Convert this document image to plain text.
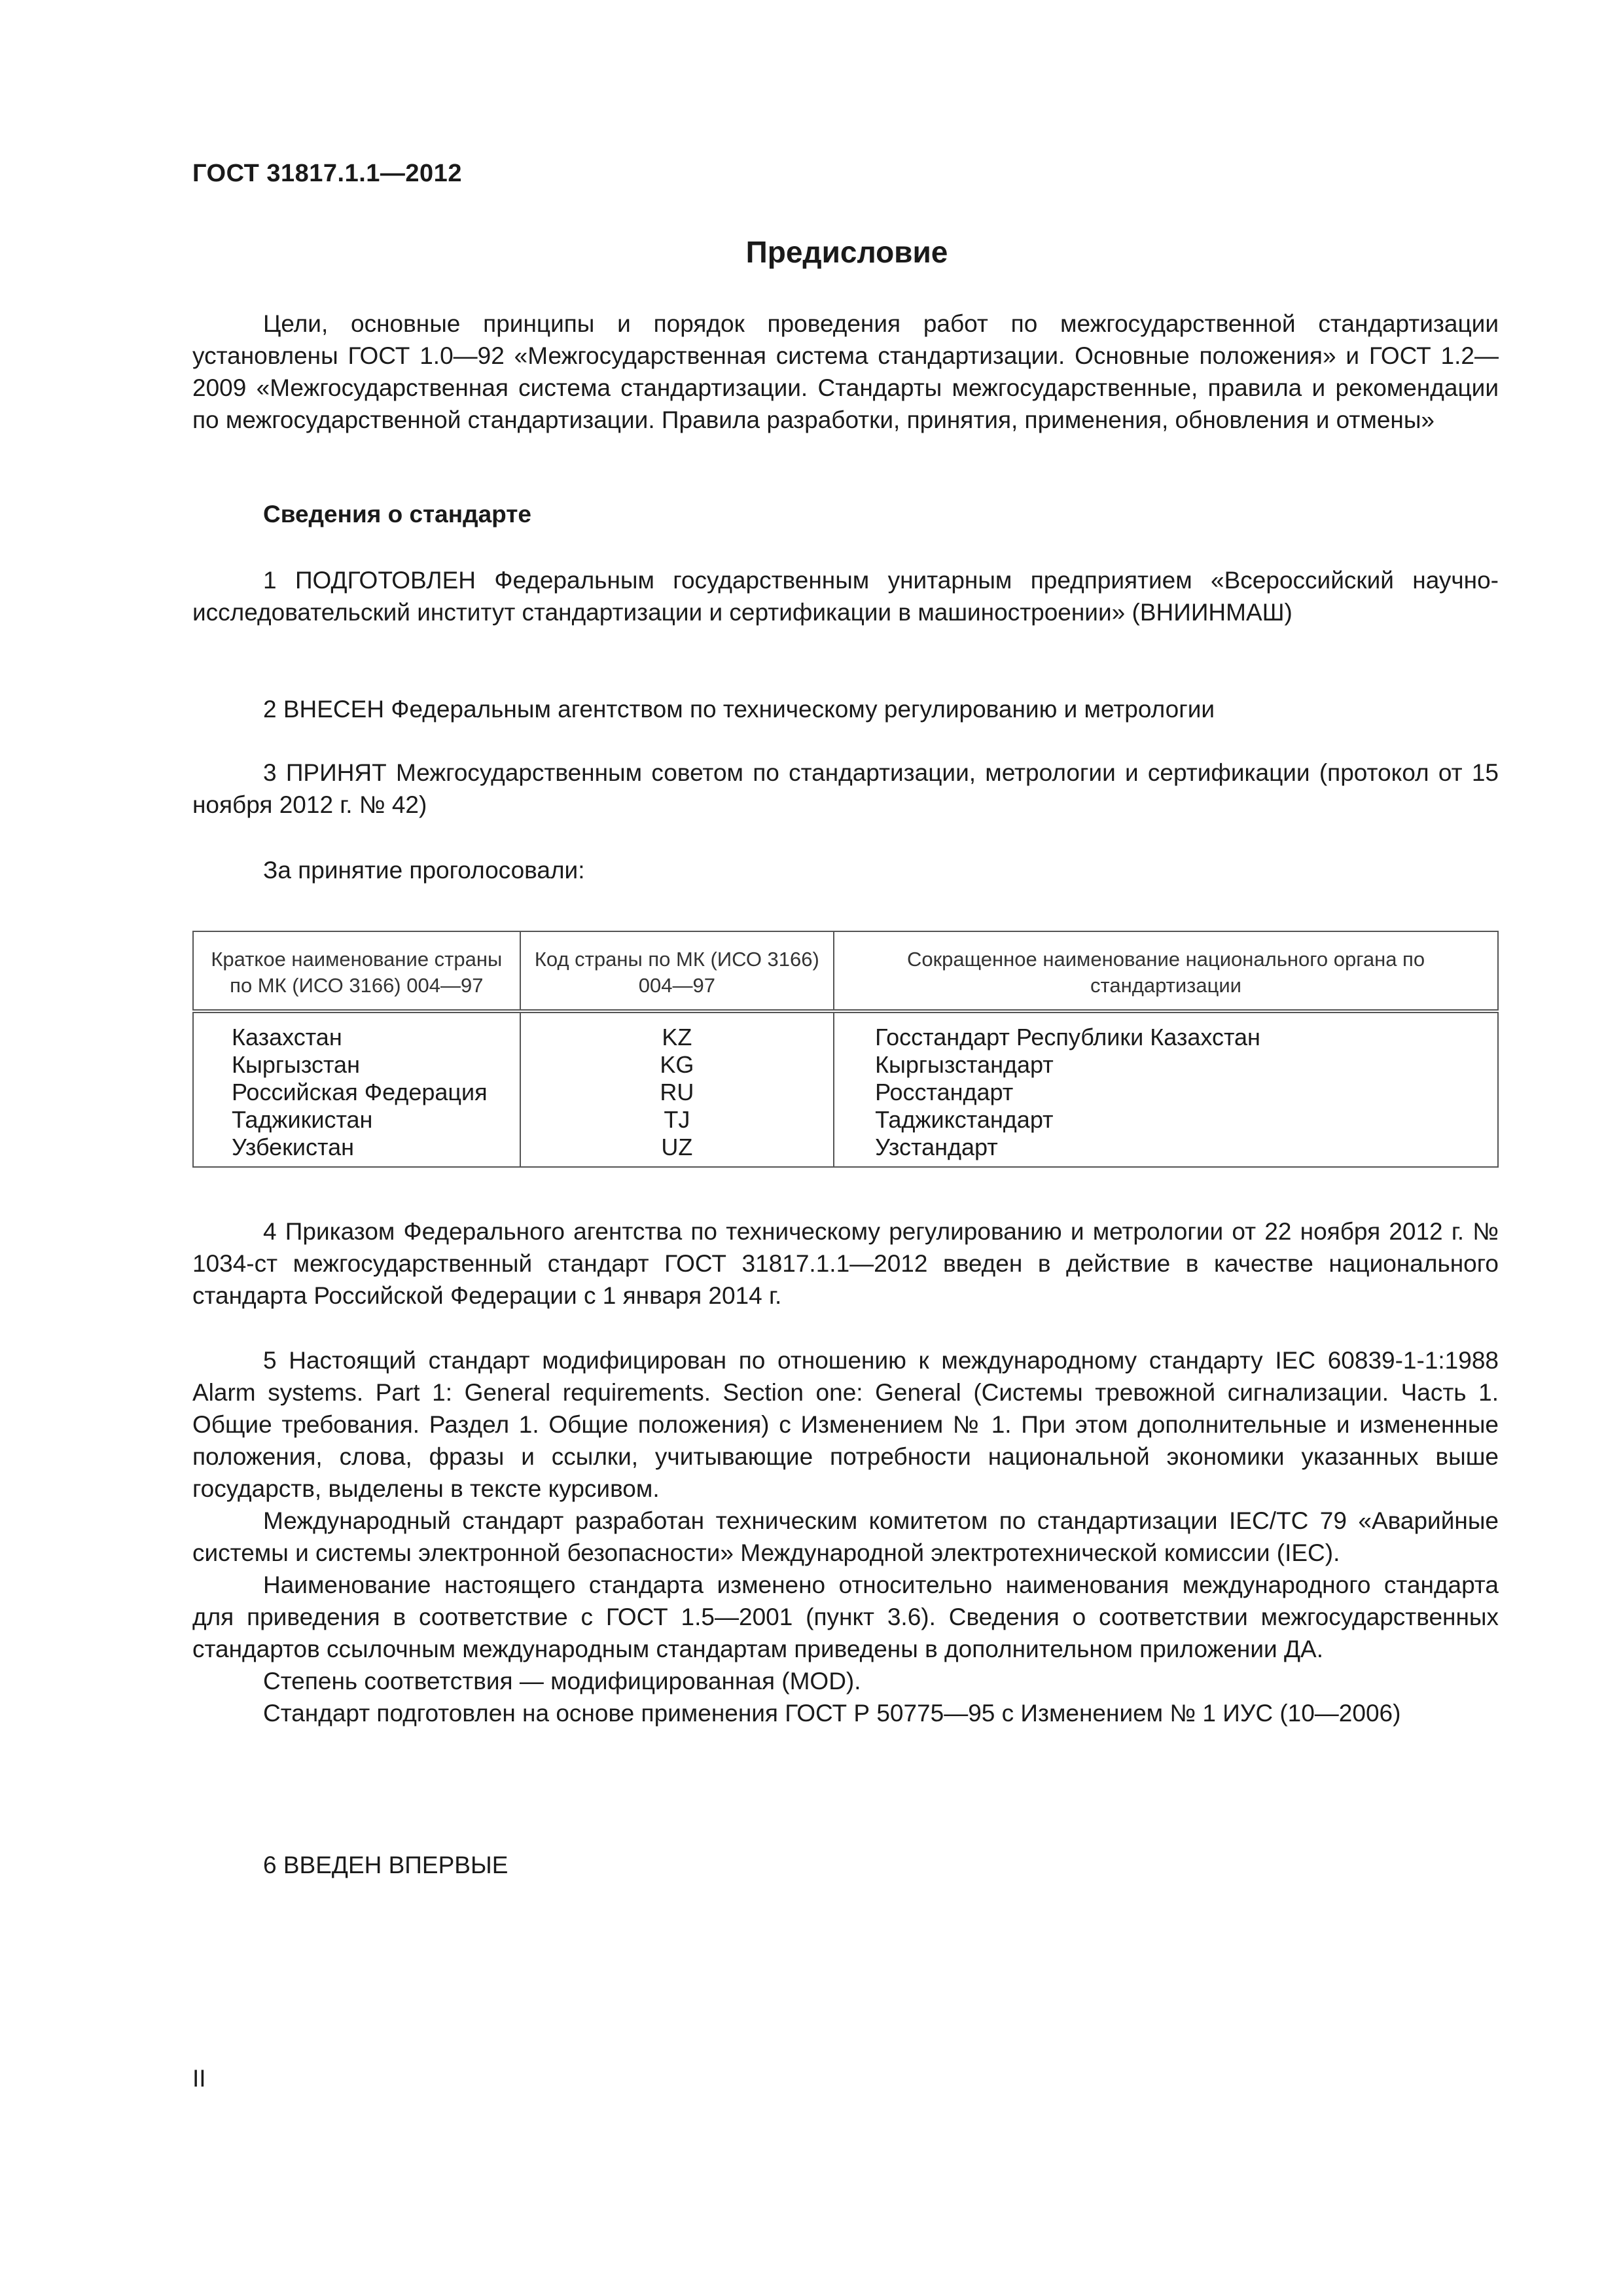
ГОСТ 31817.1.1—2012
Предисловие

Цели, основные принципы и порядок проведения работ по межгосударственной стандартизации установлены ГОСТ 1.0—92 «Межгосударственная система стандартизации. Основные положения» и ГОСТ 1.2—2009 «Межгосударственная система стандартизации. Стандарты межгосударственные, правила и рекомендации по межгосударственной стандартизации. Правила разработки, принятия, применения, обновления и отмены»

Сведения о стандарте

1 ПОДГОТОВЛЕН Федеральным государственным унитарным предприятием «Всероссийский научно-исследовательский институт стандартизации и сертификации в машиностроении» (ВНИИНМАШ)

2 ВНЕСЕН Федеральным агентством по техническому регулированию и метрологии

3 ПРИНЯТ Межгосударственным советом по стандартизации, метрологии и сертификации (протокол от 15 ноября 2012 г. № 42)

За принятие проголосовали:
Краткое наименование страны по МК (ИСО 3166) 004—97	Код страны по МК (ИСО 3166) 004—97	Сокращенное наименование национального органа по стандартизации
Казахстан	KZ	Госстандарт Республики Казахстан
Кыргызстан	KG	Кыргызстандарт
Российская Федерация	RU	Росстандарт
Таджикистан	TJ	Таджикстандарт
Узбекистан	UZ	Узстандарт

4 Приказом Федерального агентства по техническому регулированию и метрологии от 22 ноября 2012 г. № 1034-ст межгосударственный стандарт ГОСТ 31817.1.1—2012 введен в действие в качестве национального стандарта Российской Федерации с 1 января 2014 г.

5 Настоящий стандарт модифицирован по отношению к международному стандарту IEC 60839-1-1:1988 Alarm systems. Part 1: General requirements. Section one: General (Системы тревожной сигнализации. Часть 1. Общие требования. Раздел 1. Общие положения) с Изменением № 1. При этом дополнительные и измененные положения, слова, фразы и ссылки, учитывающие потребности национальной экономики указанных выше государств, выделены в тексте курсивом.

Международный стандарт разработан техническим комитетом по стандартизации IEC/TC 79 «Аварийные системы и системы электронной безопасности» Международной электротехнической комиссии (IEC).

Наименование настоящего стандарта изменено относительно наименования международного стандарта для приведения в соответствие с ГОСТ 1.5—2001 (пункт 3.6). Сведения о соответствии межгосударственных стандартов ссылочным международным стандартам приведены в дополнительном приложении ДА.

Степень соответствия — модифицированная (MOD).

Стандарт подготовлен на основе применения ГОСТ Р 50775—95 с Изменением № 1 ИУС (10—2006)

6 ВВЕДЕН ВПЕРВЫЕ
II
